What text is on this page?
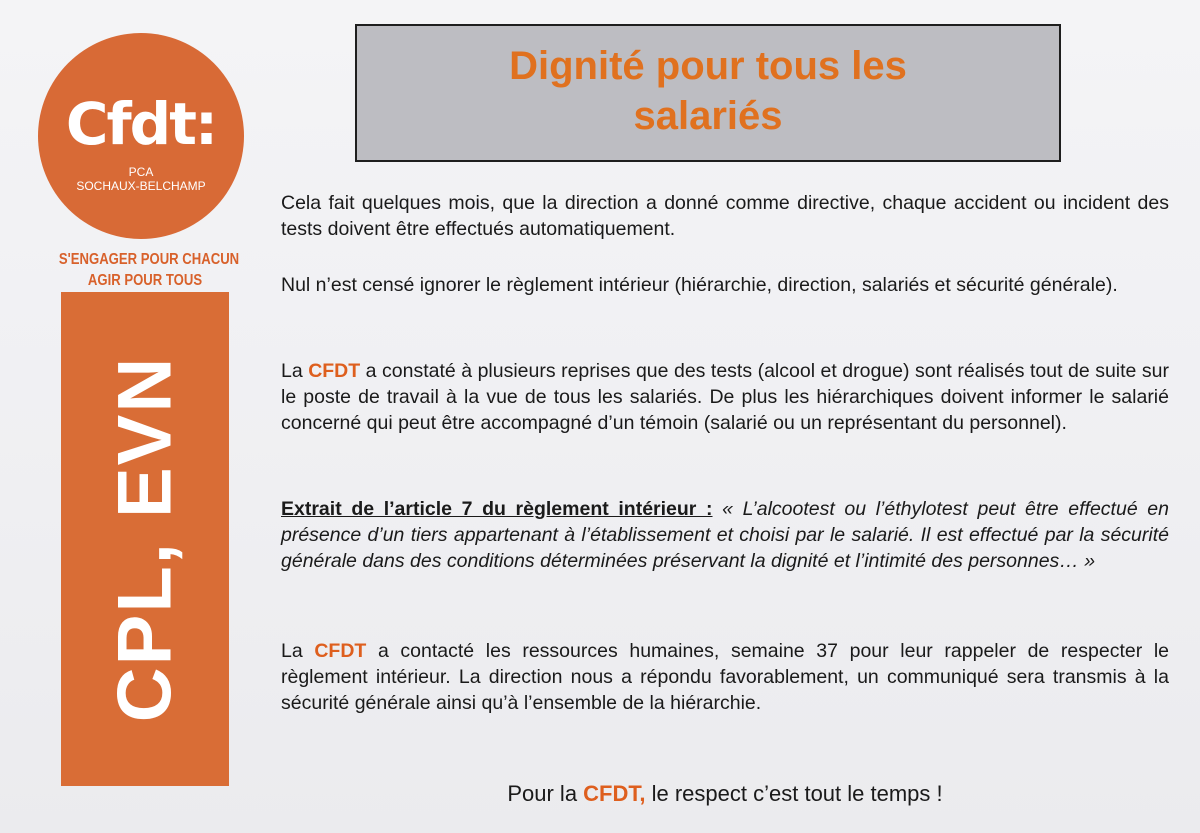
Cfdt:
PCA
SOCHAUX-BELCHAMP
S'ENGAGER POUR CHACUN
AGIR POUR TOUS
CPL, EVN
Dignité pour tous les
salariés
Cela fait quelques mois, que la direction a donné comme directive, chaque accident ou incident des tests doivent être effectués automatiquement.
Nul n’est censé ignorer le règlement intérieur (hiérarchie, direction, salariés et sécurité générale).
La CFDT a constaté à plusieurs reprises que des tests (alcool et drogue) sont réalisés tout de suite sur le poste de travail à la vue de tous les salariés. De plus les hiérarchiques doivent informer le salarié concerné qui peut être accompagné d’un témoin (salarié ou un représentant du personnel).
Extrait de l’article 7 du règlement intérieur : « L’alcootest ou l’éthylotest peut être effectué en présence d’un tiers appartenant à l’établissement et choisi par le salarié. Il est effectué par la sécurité générale dans des conditions déterminées préservant la dignité et l’intimité des personnes… »
La CFDT a contacté les ressources humaines, semaine 37 pour leur rappeler de respecter le règlement intérieur. La direction nous a répondu favorablement, un communiqué sera transmis à la sécurité générale ainsi qu’à l’ensemble de la hiérarchie.
Pour la CFDT, le respect c’est tout le temps !
